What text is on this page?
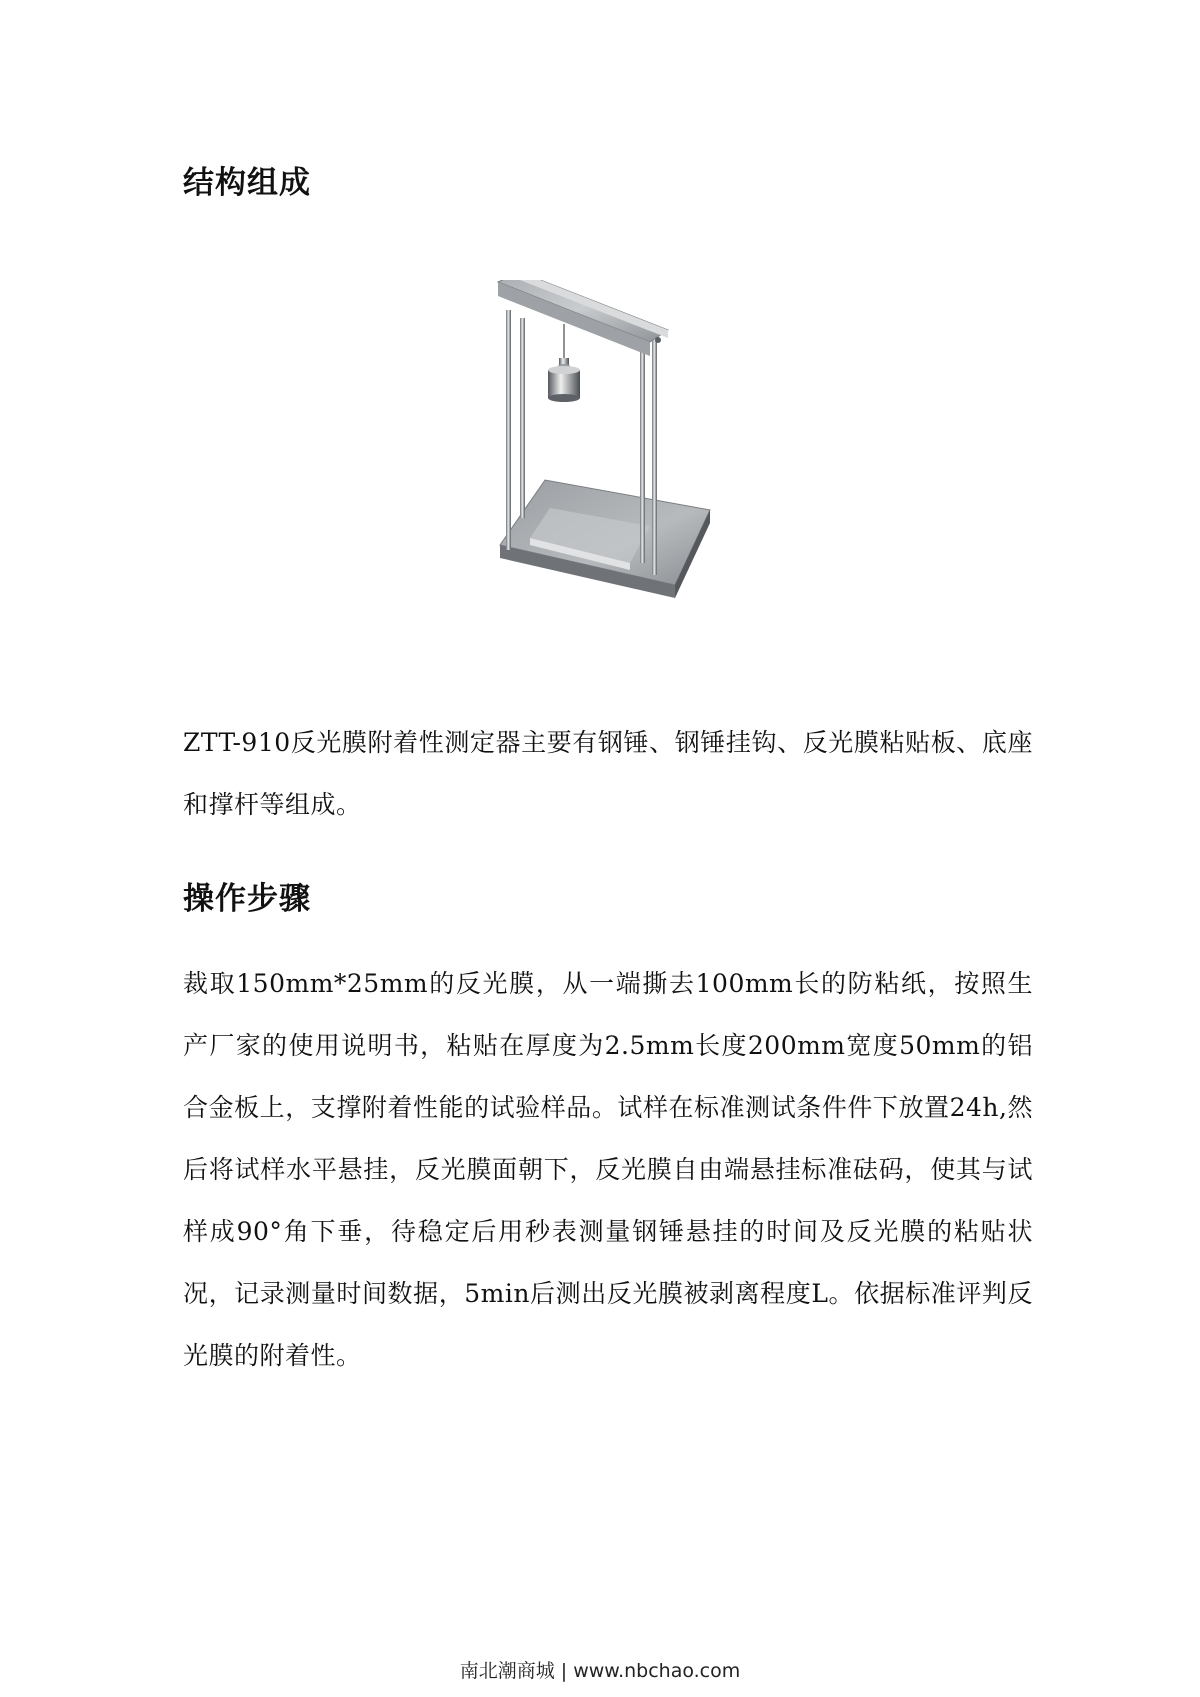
结构组成

ZTT-910反光膜附着性测定器主要有钢锤、钢锤挂钩、反光膜粘贴板、底座和撑杆等组成。

操作步骤

裁取150mm*25mm的反光膜，从一端撕去100mm长的防粘纸，按照生产厂家的使用说明书，粘贴在厚度为2.5mm长度200mm宽度50mm的铝合金板上，支撑附着性能的试验样品。试样在标准测试条件件下放置24h,然后将试样水平悬挂，反光膜面朝下，反光膜自由端悬挂标准砝码，使其与试样成90°角下垂，待稳定后用秒表测量钢锤悬挂的时间及反光膜的粘贴状况，记录测量时间数据，5min后测出反光膜被剥离程度L。依据标准评判反光膜的附着性。

南北潮商城 | www.nbchao.com
